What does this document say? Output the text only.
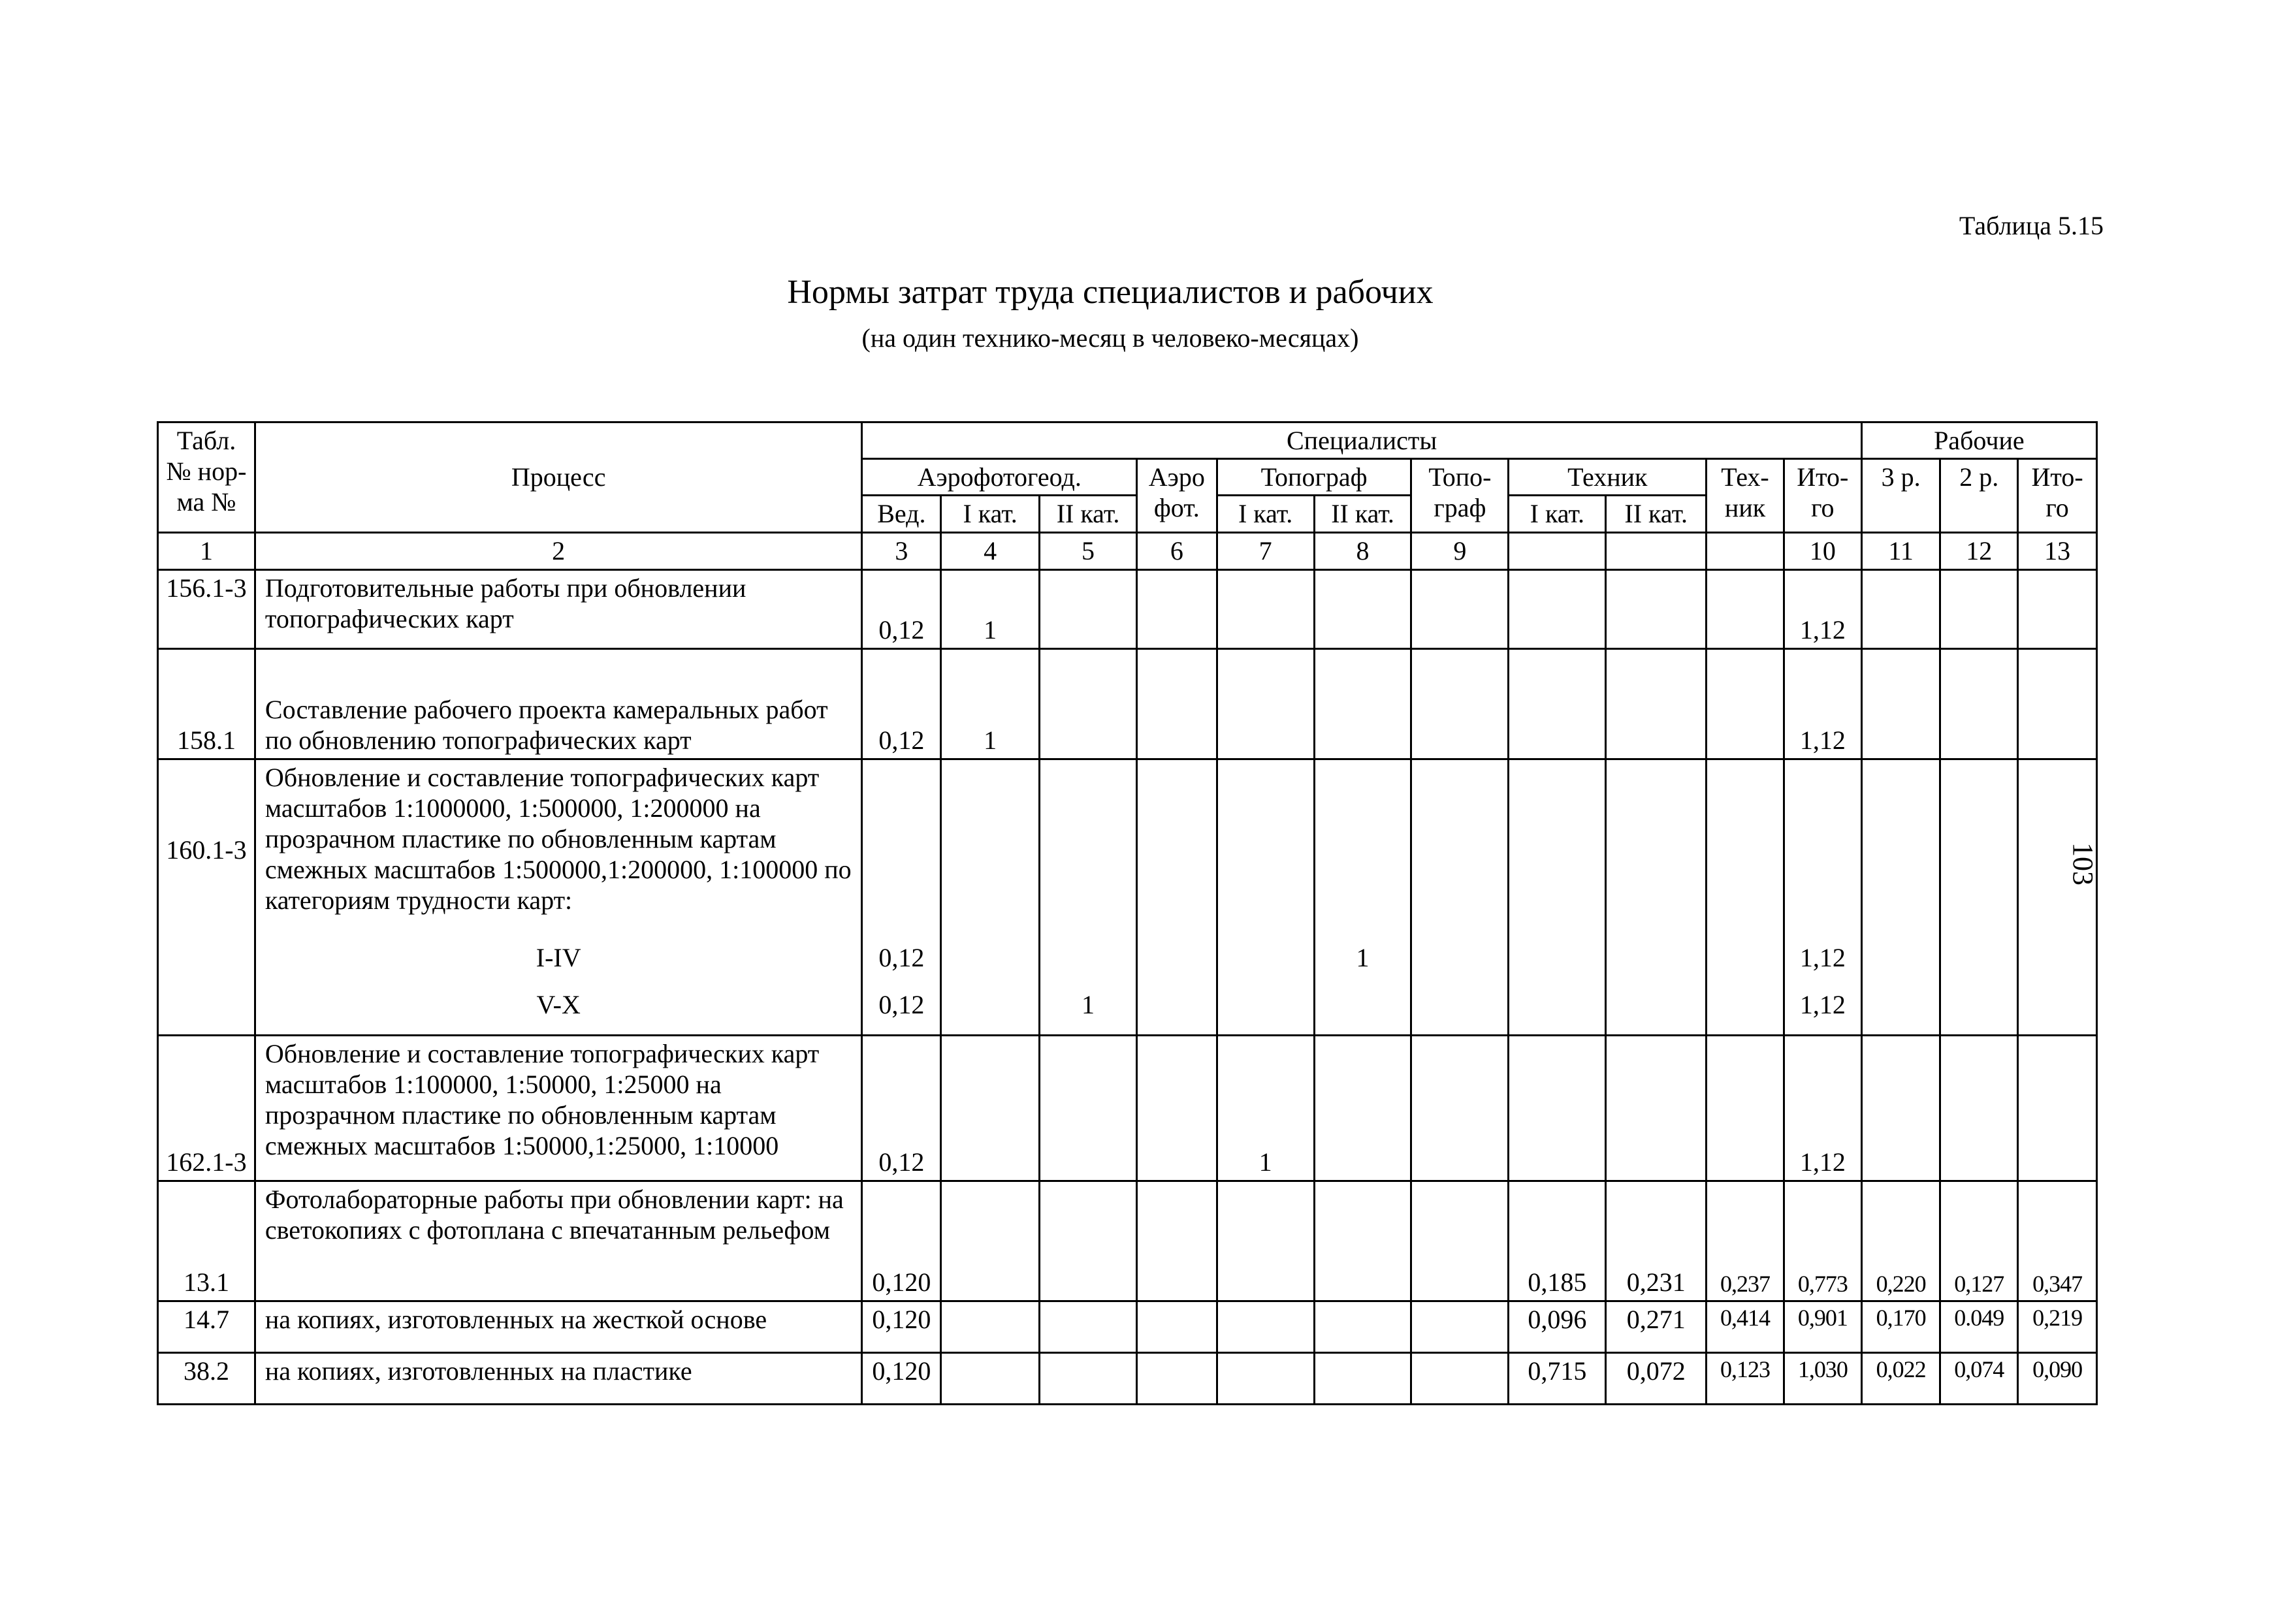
Таблица 5.15
Нормы затрат труда специалистов и рабочих
(на один технико-месяц в человеко-месяцах)
103
Табл. № нор-ма №	Процесс	Специалисты											Рабочие		
		Аэрофотогеод.			Аэро фот.	Топограф		Топо-граф	Техник		Тех-ник	Ито-го	3 р.	2 р.	Ито-го
		Вед.	I кат.	II кат.		I кат.	II кат.		I кат.	II кат.					
1	2	3	4	5	6	7	8	9				10	11	12	13
156.1-3	Подготовительные работы при обновлении топографических карт	0,12	1									1,12			
158.1	Составление рабочего проекта камеральных работ по обновлению топографических карт	0,12	1									1,12			
160.1-3	Обновление и составление топографических карт масштабов 1:1000000, 1:500000, 1:200000 на прозрачном пластике по обновленным картам смежных масштабов 1:500000,1:200000, 1:100000 по категориям трудности карт:														
	I-IV	0,12					1					1,12			
	V-X	0,12		1								1,12			
162.1-3	Обновление и составление топографических карт масштабов 1:100000, 1:50000, 1:25000 на прозрачном пластике по обновленным картам смежных масштабов 1:50000,1:25000, 1:10000	0,12				1						1,12			
13.1	Фотолабораторные работы при обновлении карт: на светокопиях с фотоплана с впечатанным рельефом	0,120							0,185	0,231	0,237	0,773	0,220	0,127	0,347
14.7	на копиях, изготовленных на жесткой основе	0,120							0,096	0,271	0,414	0,901	0,170	0.049	0,219
38.2	на копиях, изготовленных на пластике	0,120							0,715	0,072	0,123	1,030	0,022	0,074	0,090
